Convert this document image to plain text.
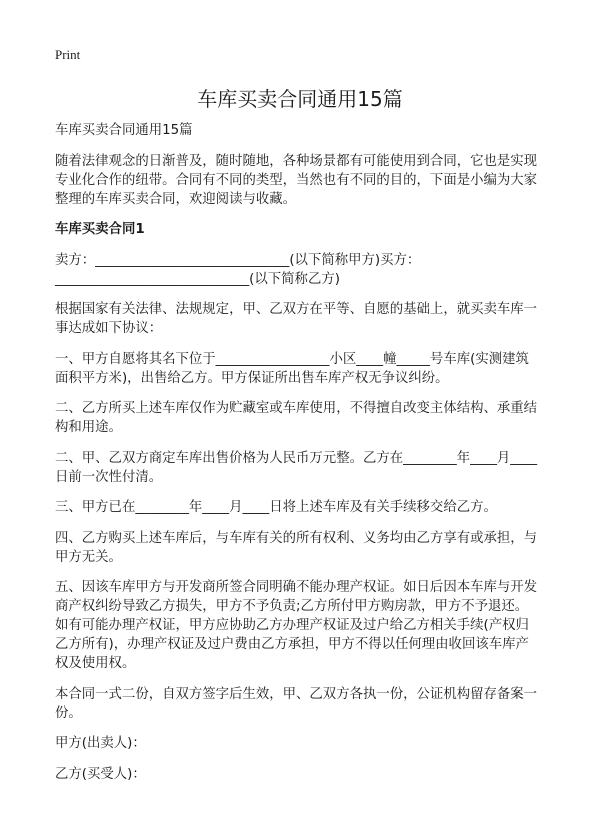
Print
车库买卖合同通用15篇
车库买卖合同通用15篇
随着法律观念的日渐普及，随时随地，各种场景都有可能使用到合同，它也是实现
专业化合作的纽带。合同有不同的类型，当然也有不同的目的，下面是小编为大家
整理的车库买卖合同，欢迎阅读与收藏。
车库买卖合同1
卖方：_____________________________(以下简称甲方)买方：
_____________________________(以下简称乙方)
根据国家有关法律、法规规定，甲、乙双方在平等、自愿的基础上，就买卖车库一
事达成如下协议：
一、甲方自愿将其名下位于_________________小区____幢_____号车库(实测建筑
面积平方米)，出售给乙方。甲方保证所出售车库产权无争议纠纷。
二、乙方所买上述车库仅作为贮藏室或车库使用，不得擅自改变主体结构、承重结
构和用途。
二、甲、乙双方商定车库出售价格为人民币万元整。乙方在________年____月____
日前一次性付清。
三、甲方已在________年____月____日将上述车库及有关手续移交给乙方。
四、乙方购买上述车库后，与车库有关的所有权利、义务均由乙方享有或承担，与
甲方无关。
五、因该车库甲方与开发商所签合同明确不能办理产权证。如日后因本车库与开发
商产权纠纷导致乙方损失，甲方不予负责;乙方所付甲方购房款，甲方不予退还。
如有可能办理产权证，甲方应协助乙方办理产权证及过户给乙方相关手续(产权归
乙方所有)，办理产权证及过户费由乙方承担，甲方不得以任何理由收回该车库产
权及使用权。
本合同一式二份，自双方签字后生效，甲、乙双方各执一份，公证机构留存备案一
份。
甲方(出卖人)：
乙方(买受人)：
